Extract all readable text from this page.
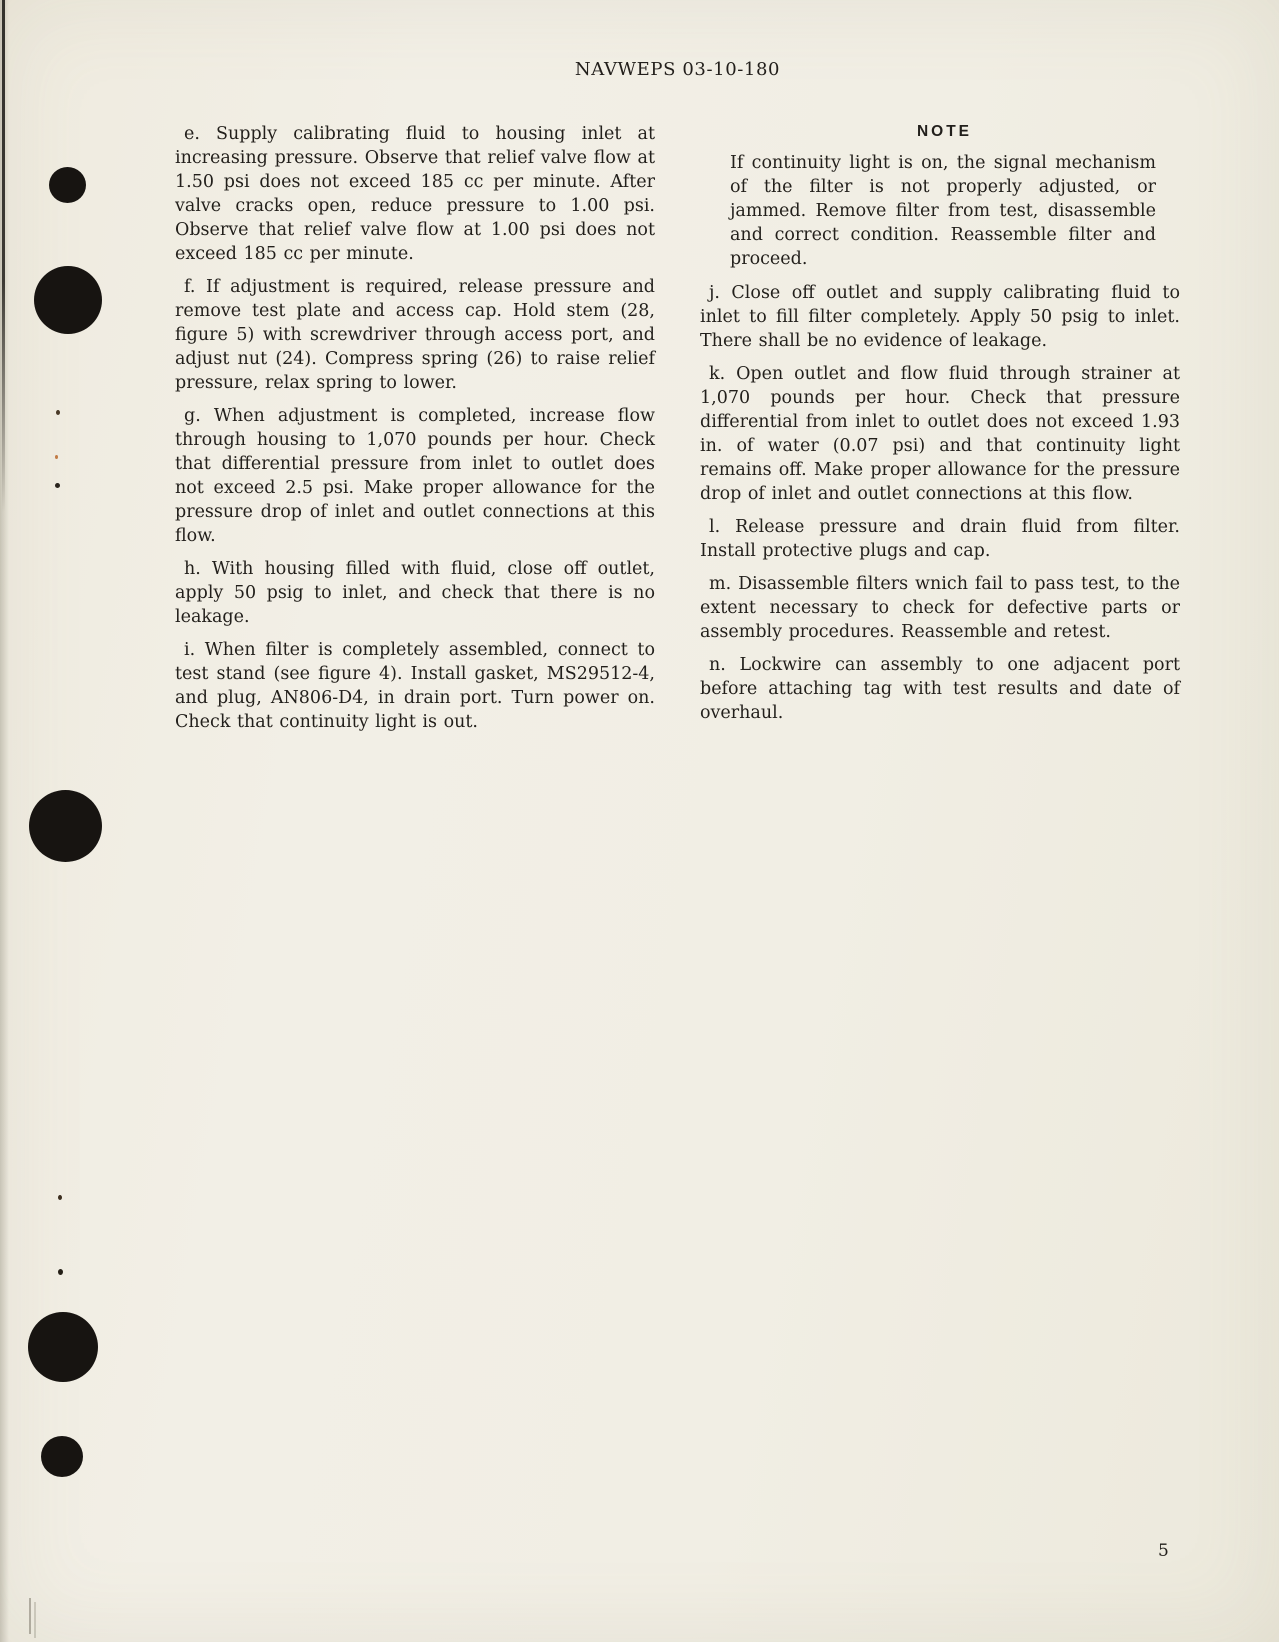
NAVWEPS 03-10-180

e. Supply calibrating fluid to housing inlet at increasing pressure. Observe that relief valve flow at 1.50 psi does not exceed 185 cc per minute. After valve cracks open, reduce pressure to 1.00 psi. Observe that relief valve flow at 1.00 psi does not exceed 185 cc per minute.

f. If adjustment is required, release pressure and remove test plate and access cap. Hold stem (28, figure 5) with screwdriver through access port, and adjust nut (24). Compress spring (26) to raise relief pressure, relax spring to lower.

g. When adjustment is completed, increase flow through housing to 1,070 pounds per hour. Check that differential pressure from inlet to outlet does not exceed 2.5 psi. Make proper allowance for the pressure drop of inlet and outlet connections at this flow.

h. With housing filled with fluid, close off outlet, apply 50 psig to inlet, and check that there is no leakage.

i. When filter is completely assembled, connect to test stand (see figure 4). Install gasket, MS29512-4, and plug, AN806-D4, in drain port. Turn power on. Check that continuity light is out.

NOTE

If continuity light is on, the signal mechanism of the filter is not properly adjusted, or jammed. Remove filter from test, disassemble and correct condition. Reassemble filter and proceed.

j. Close off outlet and supply calibrating fluid to inlet to fill filter completely. Apply 50 psig to inlet. There shall be no evidence of leakage.

k. Open outlet and flow fluid through strainer at 1,070 pounds per hour. Check that pressure differential from inlet to outlet does not exceed 1.93 in. of water (0.07 psi) and that continuity light remains off. Make proper allowance for the pressure drop of inlet and outlet connections at this flow.

l. Release pressure and drain fluid from filter. Install protective plugs and cap.

m. Disassemble filters wnich fail to pass test, to the extent necessary to check for defective parts or assembly procedures. Reassemble and retest.

n. Lockwire can assembly to one adjacent port before attaching tag with test results and date of overhaul.

5
